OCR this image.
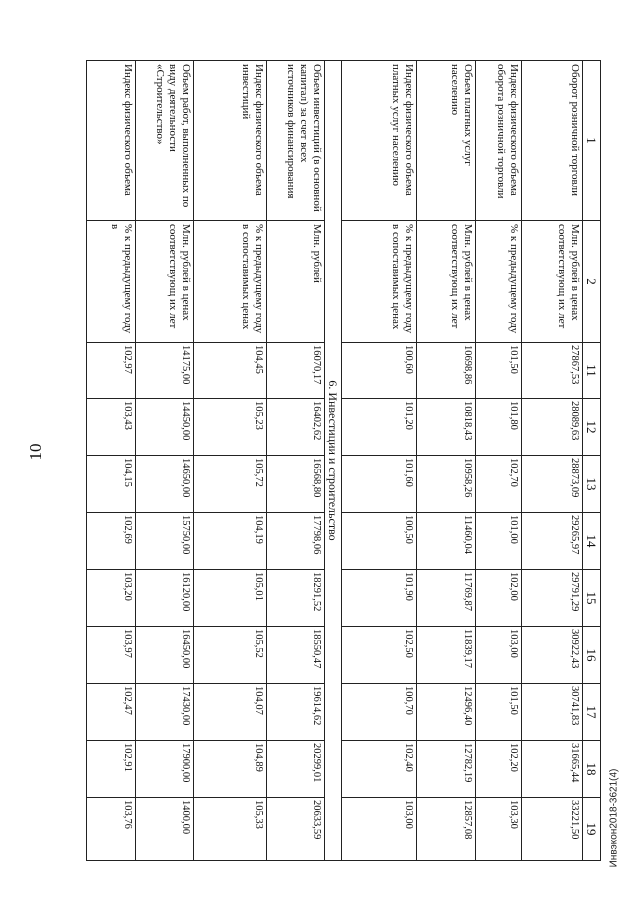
10
Инвэкон2018-3621(4)
1	2	11	12	13	14	15	16	17	18	19
Оборот розничной торговли	Млн. рублей в ценах соответствующ их лет	27867,53	28089,63	28873,09	29265,97	29791,29	30922,43	30741,83	31665,44	33221,50
Индекс физического объема оборота розничной торговли	% к предыдущему году	101,50	101,80	102,70	101,00	102,00	103,00	101,50	102,20	103,30
Объем платных услуг населению	Млн. рублей в ценах соответствующ их лет	10698,86	10818,43	10958,26	11460,04	11769,87	11839,17	12496,40	12782,19	12857,08
Индекс физического объема платных услуг населению	% к предыдущему году в сопоставимых ценах	100,60	101,20	101,60	100,50	101,90	102,50	100,70	102,40	103,00
6. Инвестиции и строительство										
Объем инвестиций (в основной капитал) за счет всех источников финансирования	Млн. рублей	16070,17	16402,62	16568,80	17798,06	18291,52	18550,47	19614,62	20299,01	20633,59
Индекс физического объема инвестиций	% к предыдущему году в сопоставимых ценах	104,45	105,23	105,72	104,19	105,01	105,52	104,07	104,89	105,33
Объем работ, выполненных по виду деятельности «Строительство»	Млн. рублей в ценах соответствующ их лет	14175,00	14450,00	14650,00	15750,00	16120,00	16450,00	17430,00	17900,00	1400,00
Индекс физического объема	% к предыдущему году в	102,97	103,43	104,15	102,69	103,20	103,97	102,47	102,91	103,76
